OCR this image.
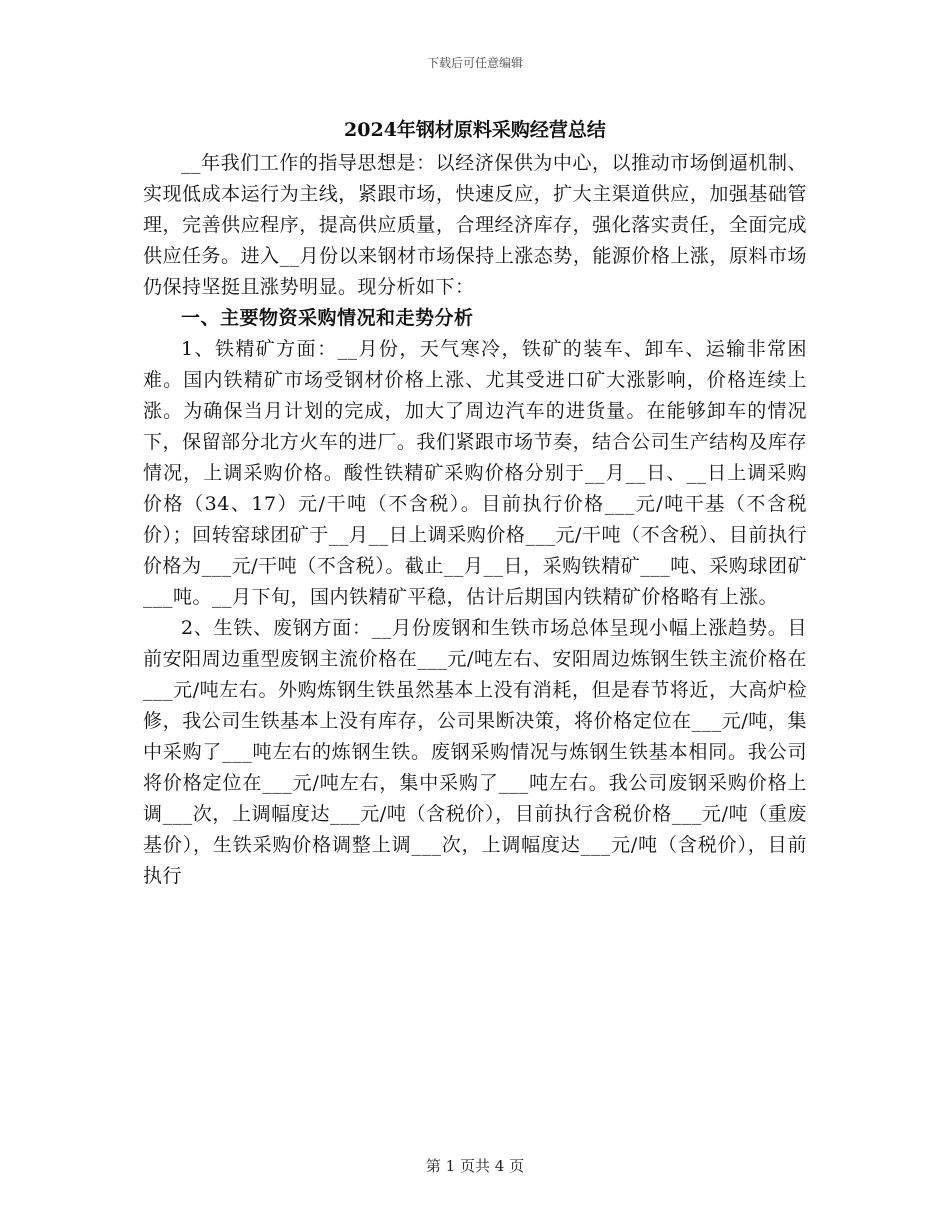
下载后可任意编辑
2024年钢材原料采购经营总结

__年我们工作的指导思想是：以经济保供为中心，以推动市场倒逼机制、实现低成本运行为主线，紧跟市场，快速反应，扩大主渠道供应，加强基础管理，完善供应程序，提高供应质量，合理经济库存，强化落实责任，全面完成供应任务。进入__月份以来钢材市场保持上涨态势，能源价格上涨，原料市场仍保持坚挺且涨势明显。现分析如下：

一、主要物资采购情况和走势分析

1、铁精矿方面：__月份，天气寒冷，铁矿的装车、卸车、运输非常困难。国内铁精矿市场受钢材价格上涨、尤其受进口矿大涨影响，价格连续上涨。为确保当月计划的完成，加大了周边汽车的进货量。在能够卸车的情况下，保留部分北方火车的进厂。我们紧跟市场节奏，结合公司生产结构及库存情况，上调采购价格。酸性铁精矿采购价格分别于__月__日、__日上调采购价格（34、17）元/干吨（不含税）。目前执行价格___元/吨干基（不含税价）；回转窑球团矿于__月__日上调采购价格___元/干吨（不含税）、目前执行价格为___元/干吨（不含税）。截止__月__日，采购铁精矿___吨、采购球团矿___吨。__月下旬，国内铁精矿平稳，估计后期国内铁精矿价格略有上涨。

2、生铁、废钢方面：__月份废钢和生铁市场总体呈现小幅上涨趋势。目前安阳周边重型废钢主流价格在___元/吨左右、安阳周边炼钢生铁主流价格在___元/吨左右。外购炼钢生铁虽然基本上没有消耗，但是春节将近，大高炉检修，我公司生铁基本上没有库存，公司果断决策，将价格定位在___元/吨，集中采购了___吨左右的炼钢生铁。废钢采购情况与炼钢生铁基本相同。我公司将价格定位在___元/吨左右，集中采购了___吨左右。我公司废钢采购价格上调___次，上调幅度达___元/吨（含税价），目前执行含税价格___元/吨（重废基价），生铁采购价格调整上调___次，上调幅度达___元/吨（含税价），目前执行

第 1 页共 4 页
